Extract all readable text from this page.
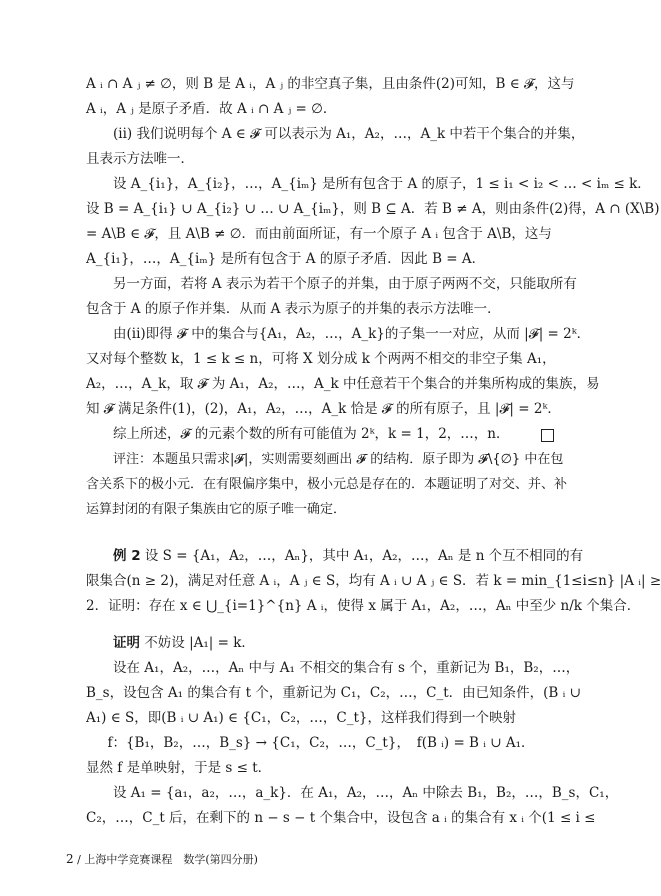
A ᵢ ∩ A ⱼ ≠ ∅，则 B 是 A ᵢ，A ⱼ 的非空真子集，且由条件(2)可知，B ∈ 𝓕，这与
A ᵢ，A ⱼ 是原子矛盾．故 A ᵢ ∩ A ⱼ = ∅．
(ii) 我们说明每个 A ∈ 𝓕 可以表示为 A₁，A₂，…，A_k 中若干个集合的并集，
且表示方法唯一．
设 A_{i₁}，A_{i₂}，…，A_{iₘ} 是所有包含于 A 的原子，1 ≤ i₁ < i₂ < … < iₘ ≤ k．
设 B = A_{i₁} ∪ A_{i₂} ∪ … ∪ A_{iₘ}，则 B ⊆ A．若 B ≠ A，则由条件(2)得，A ∩ (X\B)
= A\B ∈ 𝓕，且 A\B ≠ ∅．而由前面所证，有一个原子 A ᵢ 包含于 A\B，这与
A_{i₁}，…，A_{iₘ} 是所有包含于 A 的原子矛盾．因此 B = A．
另一方面，若将 A 表示为若干个原子的并集，由于原子两两不交，只能取所有
包含于 A 的原子作并集．从而 A 表示为原子的并集的表示方法唯一．
由(ii)即得 𝓕 中的集合与{A₁，A₂，…，A_k}的子集一一对应，从而 |𝓕| = 2ᵏ．
又对每个整数 k，1 ≤ k ≤ n，可将 X 划分成 k 个两两不相交的非空子集 A₁，
A₂，…，A_k，取 𝓕 为 A₁，A₂，…，A_k 中任意若干个集合的并集所构成的集族，易
知 𝓕 满足条件(1)，(2)，A₁，A₂，…，A_k 恰是 𝓕 的所有原子，且 |𝓕| = 2ᵏ．
综上所述，𝓕 的元素个数的所有可能值为 2ᵏ，k = 1，2，…，n．
评注：本题虽只需求|𝓕|，实则需要刻画出 𝓕 的结构．原子即为 𝓕\{∅} 中在包
含关系下的极小元．在有限偏序集中，极小元总是存在的．本题证明了对交、并、补
运算封闭的有限子集族由它的原子唯一确定．
例 2 设 S = {A₁，A₂，…，Aₙ}，其中 A₁，A₂，…，Aₙ 是 n 个互不相同的有
限集合(n ≥ 2)，满足对任意 A ᵢ，A ⱼ ∈ S，均有 A ᵢ ∪ A ⱼ ∈ S．若 k = min_{1≤i≤n} |A ᵢ| ≥
2．证明：存在 x ∈ ⋃_{i=1}^{n} A ᵢ，使得 x 属于 A₁，A₂，…，Aₙ 中至少 n/k 个集合．
证明 不妨设 |A₁| = k．
设在 A₁，A₂，…，Aₙ 中与 A₁ 不相交的集合有 s 个，重新记为 B₁，B₂，…，
B_s，设包含 A₁ 的集合有 t 个，重新记为 C₁，C₂，…，C_t．由已知条件，(B ᵢ ∪
A₁) ∈ S，即(B ᵢ ∪ A₁) ∈ {C₁，C₂，…，C_t}，这样我们得到一个映射
f：{B₁，B₂，…，B_s} → {C₁，C₂，…，C_t}，　f(B ᵢ) = B ᵢ ∪ A₁．
显然 f 是单映射，于是 s ≤ t．
设 A₁ = {a₁，a₂，…，a_k}．在 A₁，A₂，…，Aₙ 中除去 B₁，B₂，…，B_s，C₁，
C₂，…，C_t 后，在剩下的 n − s − t 个集合中，设包含 a ᵢ 的集合有 x ᵢ 个(1 ≤ i ≤
2 / 上海中学竞赛课程　数学(第四分册)
